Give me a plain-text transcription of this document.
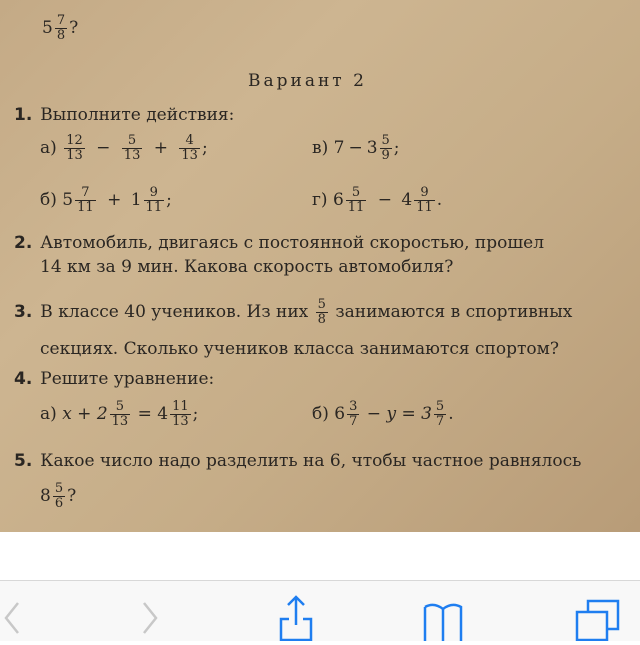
$5 \frac{7}{8}$ ?
Вариант 2
1. Выполните действия:
$а) \frac{12}{13} - \frac{5}{13} + \frac{4}{13}$ ;	в) $7 - 3 \frac{5}{9}$ ;
б) $5 \frac{7}{11} + 1 \frac{9}{11}$ ;	г) $6 \frac{5}{11} - 4 \frac{9}{11}$ .
2. Автомобиль, двигаясь с постоянной скоростью, прошел
14 км за 9 мин. Какова скорость автомобиля?
3. В классе 40 учеников. Из них $\frac{5}{8}$ занимаются в спортивных
секциях. Сколько учеников класса занимаются спортом?
4. Решите уравнение:
а) $x + 2 \frac{5}{13} = 4 \frac{11}{13}$ ;	б) $6 \frac{3}{7} - y = 3 \frac{5}{7}$ .
5. Какое число надо разделить на 6, чтобы частное равнялось
$8 \frac{5}{6}$ ?
